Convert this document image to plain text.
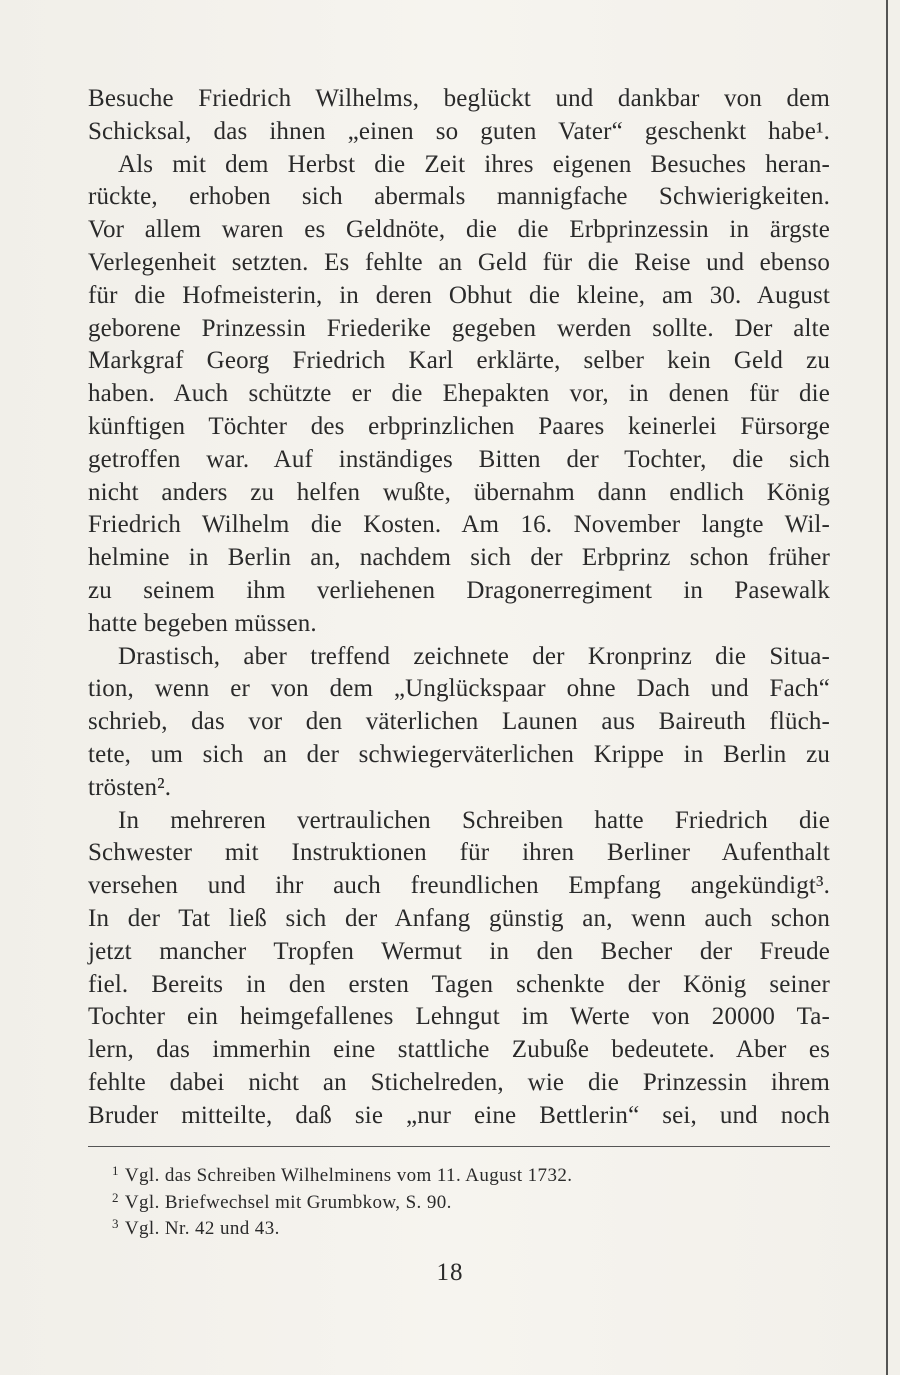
Besuche Friedrich Wilhelms, beglückt und dankbar von dem
Schicksal, das ihnen „einen so guten Vater“ geschenkt habe¹.
Als mit dem Herbst die Zeit ihres eigenen Besuches heran-
rückte, erhoben sich abermals mannigfache Schwierigkeiten.
Vor allem waren es Geldnöte, die die Erbprinzessin in ärgste
Verlegenheit setzten. Es fehlte an Geld für die Reise und ebenso
für die Hofmeisterin, in deren Obhut die kleine, am 30. August
geborene Prinzessin Friederike gegeben werden sollte. Der alte
Markgraf Georg Friedrich Karl erklärte, selber kein Geld zu
haben. Auch schützte er die Ehepakten vor, in denen für die
künftigen Töchter des erbprinzlichen Paares keinerlei Fürsorge
getroffen war. Auf inständiges Bitten der Tochter, die sich
nicht anders zu helfen wußte, übernahm dann endlich König
Friedrich Wilhelm die Kosten. Am 16. November langte Wil-
helmine in Berlin an, nachdem sich der Erbprinz schon früher
zu seinem ihm verliehenen Dragonerregiment in Pasewalk
hatte begeben müssen.
Drastisch, aber treffend zeichnete der Kronprinz die Situa-
tion, wenn er von dem „Unglückspaar ohne Dach und Fach“
schrieb, das vor den väterlichen Launen aus Baireuth flüch-
tete, um sich an der schwiegerväterlichen Krippe in Berlin zu
trösten².
In mehreren vertraulichen Schreiben hatte Friedrich die
Schwester mit Instruktionen für ihren Berliner Aufenthalt
versehen und ihr auch freundlichen Empfang angekündigt³.
In der Tat ließ sich der Anfang günstig an, wenn auch schon
jetzt mancher Tropfen Wermut in den Becher der Freude
fiel. Bereits in den ersten Tagen schenkte der König seiner
Tochter ein heimgefallenes Lehngut im Werte von 20000 Ta-
lern, das immerhin eine stattliche Zubuße bedeutete. Aber es
fehlte dabei nicht an Stichelreden, wie die Prinzessin ihrem
Bruder mitteilte, daß sie „nur eine Bettlerin“ sei, und noch
$^1$ Vgl. das Schreiben Wilhelminens vom 11. August 1732.
$^2$ Vgl. Briefwechsel mit Grumbkow, S. 90.
$^3$ Vgl. Nr. 42 und 43.
18
